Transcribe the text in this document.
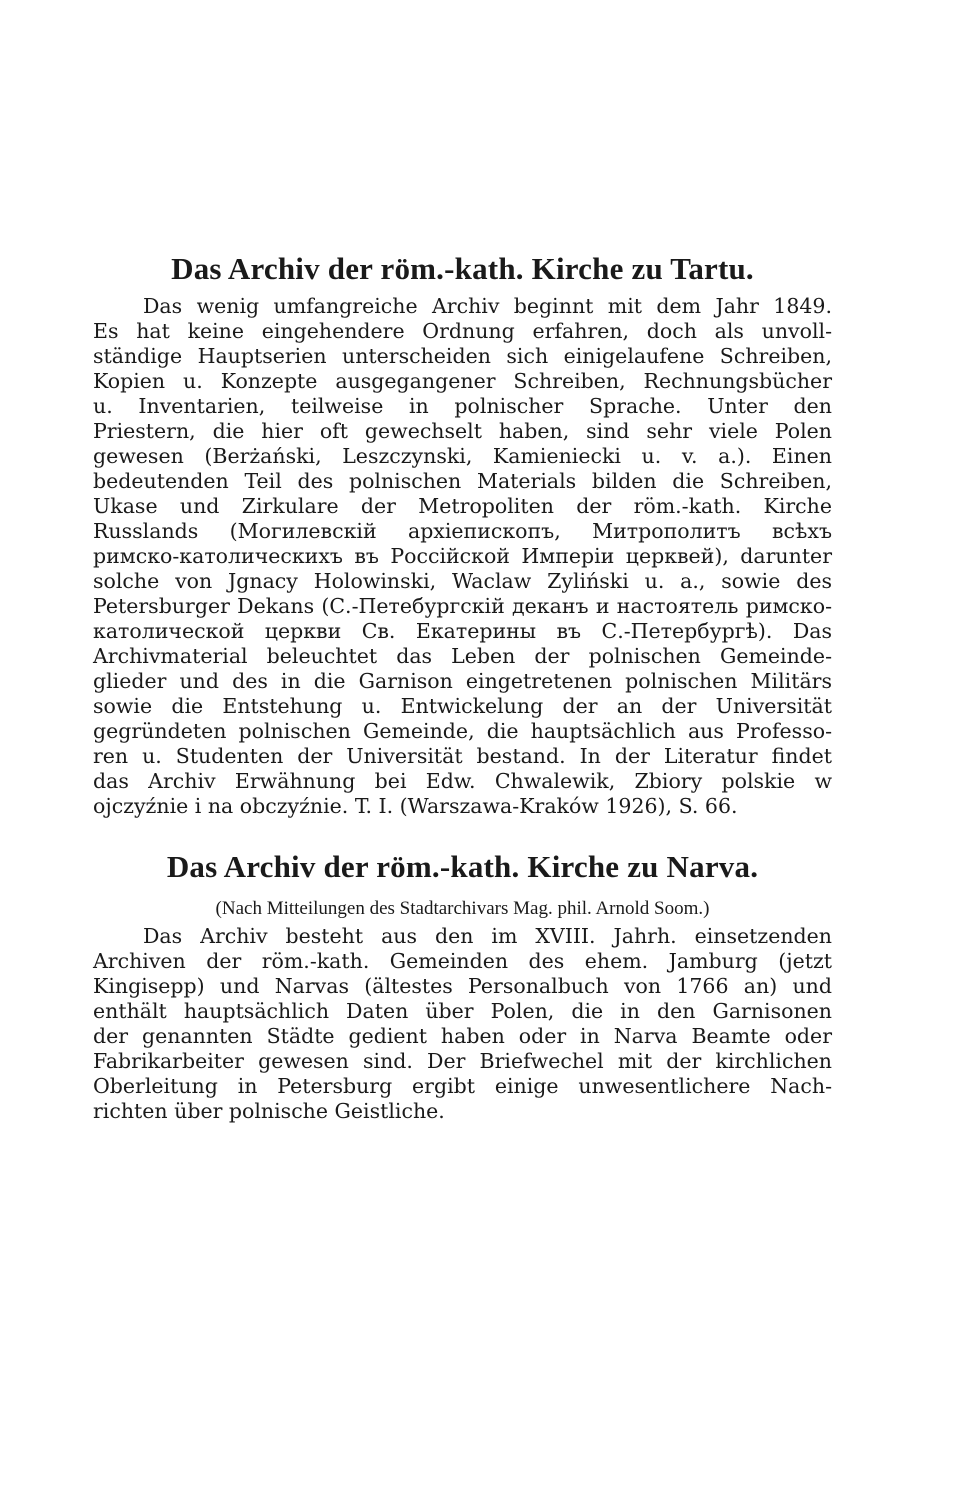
Das Archiv der röm.-kath. Kirche zu Tartu.
Das wenig umfangreiche Archiv beginnt mit dem Jahr 1849.
Es hat keine eingehendere Ordnung erfahren, doch als unvoll-
ständige Hauptserien unterscheiden sich einigelaufene Schreiben,
Kopien u. Konzepte ausgegangener Schreiben, Rechnungsbücher
u. Inventarien, teilweise in polnischer Sprache. Unter den
Priestern, die hier oft gewechselt haben, sind sehr viele Polen
gewesen (Berżański, Leszczynski, Kamieniecki u. v. a.). Einen
bedeutenden Teil des polnischen Materials bilden die Schreiben,
Ukase und Zirkulare der Metropoliten der röm.-kath. Kirche
Russlands (Могилевскій архіепископъ, Митрополитъ всѣхъ
римско-католическихъ въ Россійской Имперіи церквей), darunter
solche von Jgnacy Holowinski, Waclaw Zyliński u. a., sowie des
Petersburger Dekans (С.-Петебургскій деканъ и настоятель римско-
католической церкви Св. Екатерины въ С.-Петербургѣ). Das
Archivmaterial beleuchtet das Leben der polnischen Gemeinde-
glieder und des in die Garnison eingetretenen polnischen Militärs
sowie die Entstehung u. Entwickelung der an der Universität
gegründeten polnischen Gemeinde, die hauptsächlich aus Professo-
ren u. Studenten der Universität bestand. In der Literatur findet
das Archiv Erwähnung bei Edw. Chwalewik, Zbiory polskie w
ojczyźnie i na obczyźnie. T. I. (Warszawa-Kraków 1926), S. 66.
Das Archiv der röm.-kath. Kirche zu Narva.
(Nach Mitteilungen des Stadtarchivars Mag. phil. Arnold Soom.)
Das Archiv besteht aus den im XVIII. Jahrh. einsetzenden
Archiven der röm.-kath. Gemeinden des ehem. Jamburg (jetzt
Kingisepp) und Narvas (ältestes Personalbuch von 1766 an) und
enthält hauptsächlich Daten über Polen, die in den Garnisonen
der genannten Städte gedient haben oder in Narva Beamte oder
Fabrikarbeiter gewesen sind. Der Briefwechel mit der kirchlichen
Oberleitung in Petersburg ergibt einige unwesentlichere Nach-
richten über polnische Geistliche.
